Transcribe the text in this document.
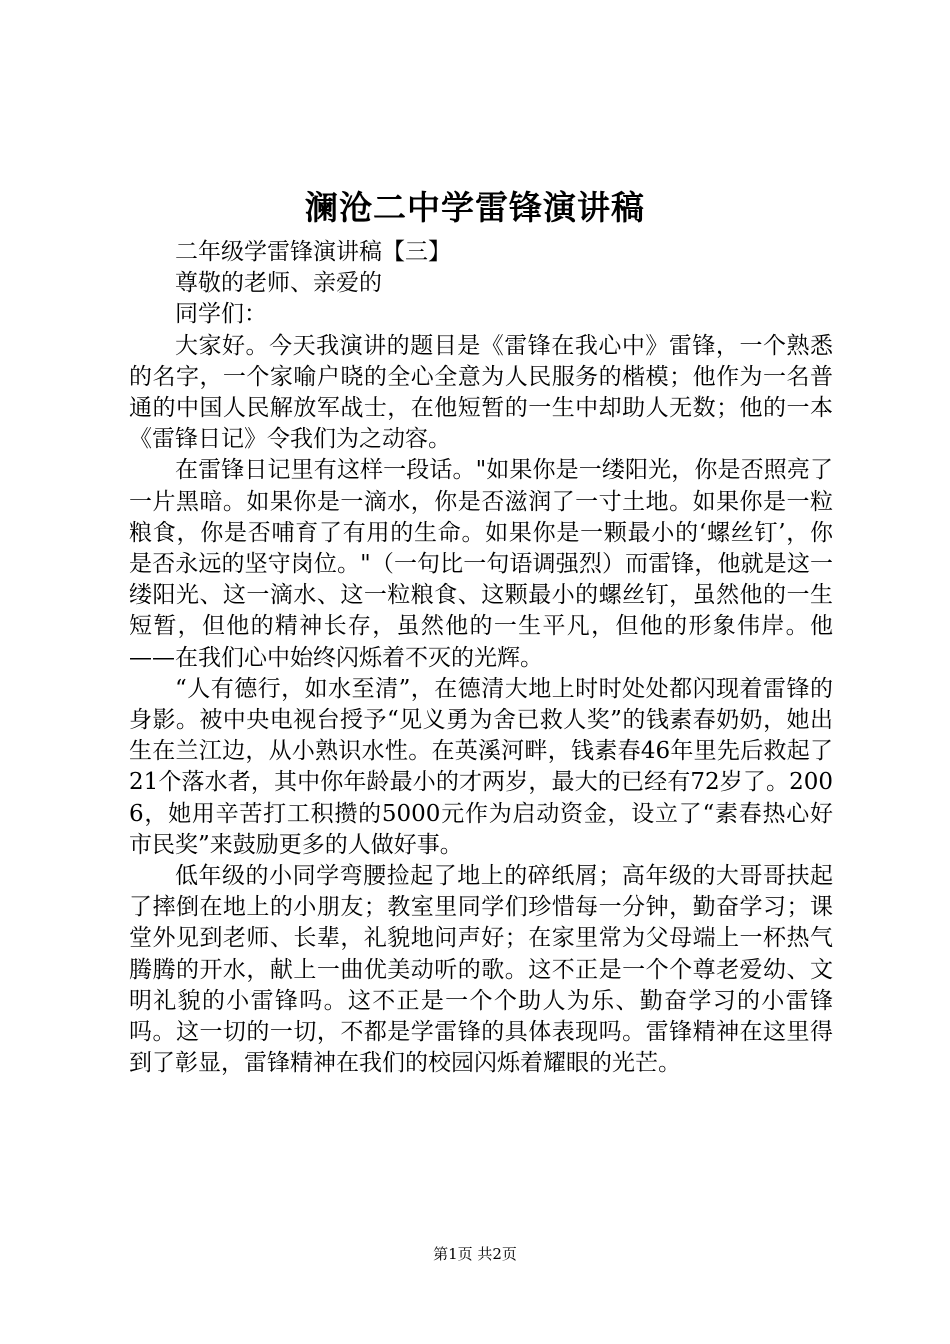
澜沧二中学雷锋演讲稿

二年级学雷锋演讲稿【三】

尊敬的老师、亲爱的

同学们：

大家好。今天我演讲的题目是《雷锋在我心中》雷锋，一个熟悉的名字，一个家喻户晓的全心全意为人民服务的楷模；他作为一名普通的中国人民解放军战士，在他短暂的一生中却助人无数；他的一本《雷锋日记》令我们为之动容。

在雷锋日记里有这样一段话。"如果你是一缕阳光，你是否照亮了一片黑暗。如果你是一滴水，你是否滋润了一寸土地。如果你是一粒粮食，你是否哺育了有用的生命。如果你是一颗最小的‘螺丝钉’，你是否永远的坚守岗位。"（一句比一句语调强烈）而雷锋，他就是这一缕阳光、这一滴水、这一粒粮食、这颗最小的螺丝钉，虽然他的一生短暂，但他的精神长存，虽然他的一生平凡，但他的形象伟岸。他——在我们心中始终闪烁着不灭的光辉。

“人有德行，如水至清”，在德清大地上时时处处都闪现着雷锋的身影。被中央电视台授予“见义勇为舍已救人奖”的钱素春奶奶，她出生在兰江边，从小熟识水性。在英溪河畔，钱素春46年里先后救起了21个落水者，其中你年龄最小的才两岁，最大的已经有72岁了。2006，她用辛苦打工积攒的5000元作为启动资金，设立了“素春热心好市民奖”来鼓励更多的人做好事。

低年级的小同学弯腰捡起了地上的碎纸屑；高年级的大哥哥扶起了摔倒在地上的小朋友；教室里同学们珍惜每一分钟，勤奋学习；课堂外见到老师、长辈，礼貌地问声好；在家里常为父母端上一杯热气腾腾的开水，献上一曲优美动听的歌。这不正是一个个尊老爱幼、文明礼貌的小雷锋吗。这不正是一个个助人为乐、勤奋学习的小雷锋吗。这一切的一切，不都是学雷锋的具体表现吗。雷锋精神在这里得到了彰显，雷锋精神在我们的校园闪烁着耀眼的光芒。

第1页 共2页
